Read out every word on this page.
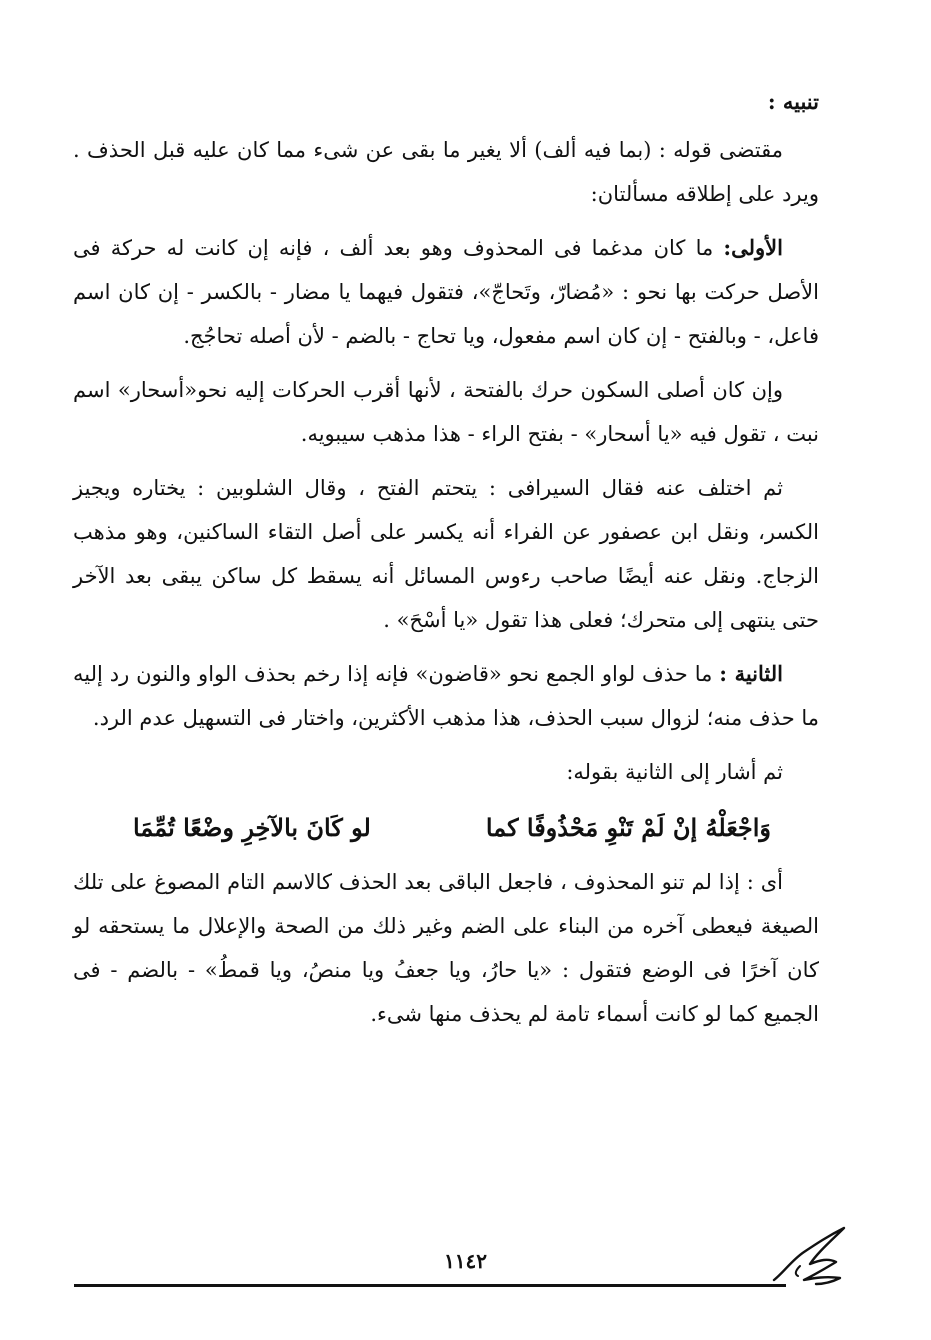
تنبيه :

مقتضى قوله : (بما فيه ألف) ألا يغير ما بقى عن شىء مما كان عليه قبل الحذف . ويرد على إطلاقه مسألتان:

الأولى: ما كان مدغما فى المحذوف وهو بعد ألف ، فإنه إن كانت له حركة فى الأصل حركت بها نحو : «مُضارّ، وتَحاجّ»، فتقول فيهما يا مضار - بالكسر - إن كان اسم فاعل، - وبالفتح - إن كان اسم مفعول، ويا تحاج - بالضم - لأن أصله تحاجُج.

وإن كان أصلى السكون حرك بالفتحة ، لأنها أقرب الحركات إليه نحو«أسحار» اسم نبت ، تقول فيه «يا أسحار» - بفتح الراء - هذا مذهب سيبويه.

ثم اختلف عنه فقال السيرافى : يتحتم الفتح ، وقال الشلوبين : يختاره ويجيز الكسر، ونقل ابن عصفور عن الفراء أنه يكسر على أصل التقاء الساكنين، وهو مذهب الزجاج. ونقل عنه أيضًا صاحب رءوس المسائل أنه يسقط كل ساكن يبقى بعد الآخر حتى ينتهى إلى متحرك؛ فعلى هذا تقول «يا أسْحَ» .

الثانية : ما حذف لواو الجمع نحو «قاضون» فإنه إذا رخم بحذف الواو والنون رد إليه ما حذف منه؛ لزوال سبب الحذف، هذا مذهب الأكثرين، واختار فى التسهيل عدم الرد.

ثم أشار إلى الثانية بقوله:

وَاجْعَلْهُ إنْ لَمْ تَنْوِ مَحْذُوفًا كما
لو كَانَ بالآخِرِ وضْعًا تُمِّمَا

أى : إذا لم تنو المحذوف ، فاجعل الباقى بعد الحذف كالاسم التام المصوغ على تلك الصيغة فيعطى آخره من البناء على الضم وغير ذلك من الصحة والإعلال ما يستحقه لو كان آخرًا فى الوضع فتقول : «يا حارُ، ويا جعفُ ويا منصُ، ويا قمطُ» - بالضم - فى الجميع كما لو كانت أسماء تامة لم يحذف منها شىء.

١١٤٢
